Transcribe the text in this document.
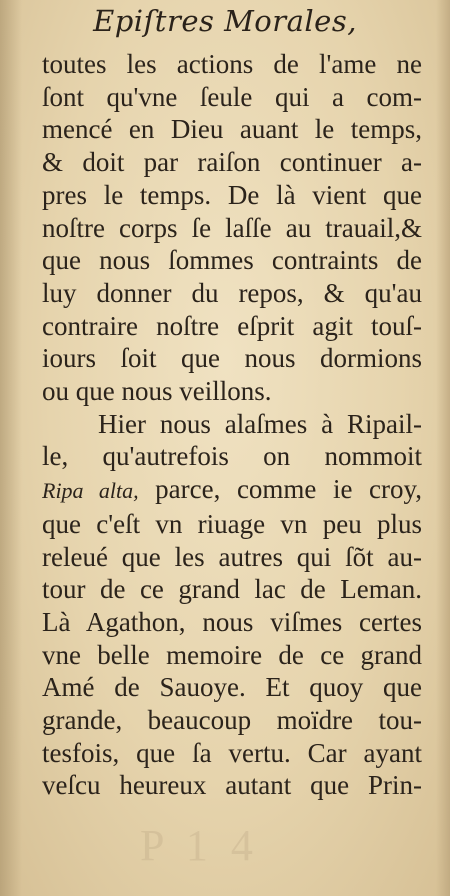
Epiſtres Morales,
toutes les actions de l'ame ne
ſont qu'vne ſeule qui a com-
mencé en Dieu auant le temps,
& doit par raiſon continuer a-
pres le temps. De là vient que
noſtre corps ſe laſſe au trauail,&
que nous ſommes contraints de
luy donner du repos, & qu'au
contraire noſtre eſprit agit touſ-
iours ſoit que nous dormions
ou que nous veillons.
Hier nous alaſmes à Ripail-
le, qu'autrefois on nommoit
Ripa alta, parce, comme ie croy,
que c'eſt vn riuage vn peu plus
releué que les autres qui ſõt au-
tour de ce grand lac de Leman.
Là Agathon, nous viſmes certes
vne belle memoire de ce grand
Amé de Sauoye. Et quoy que
grande, beaucoup moïdre tou-
tesfois, que ſa vertu. Car ayant
veſcu heureux autant que Prin-
P 1 4
